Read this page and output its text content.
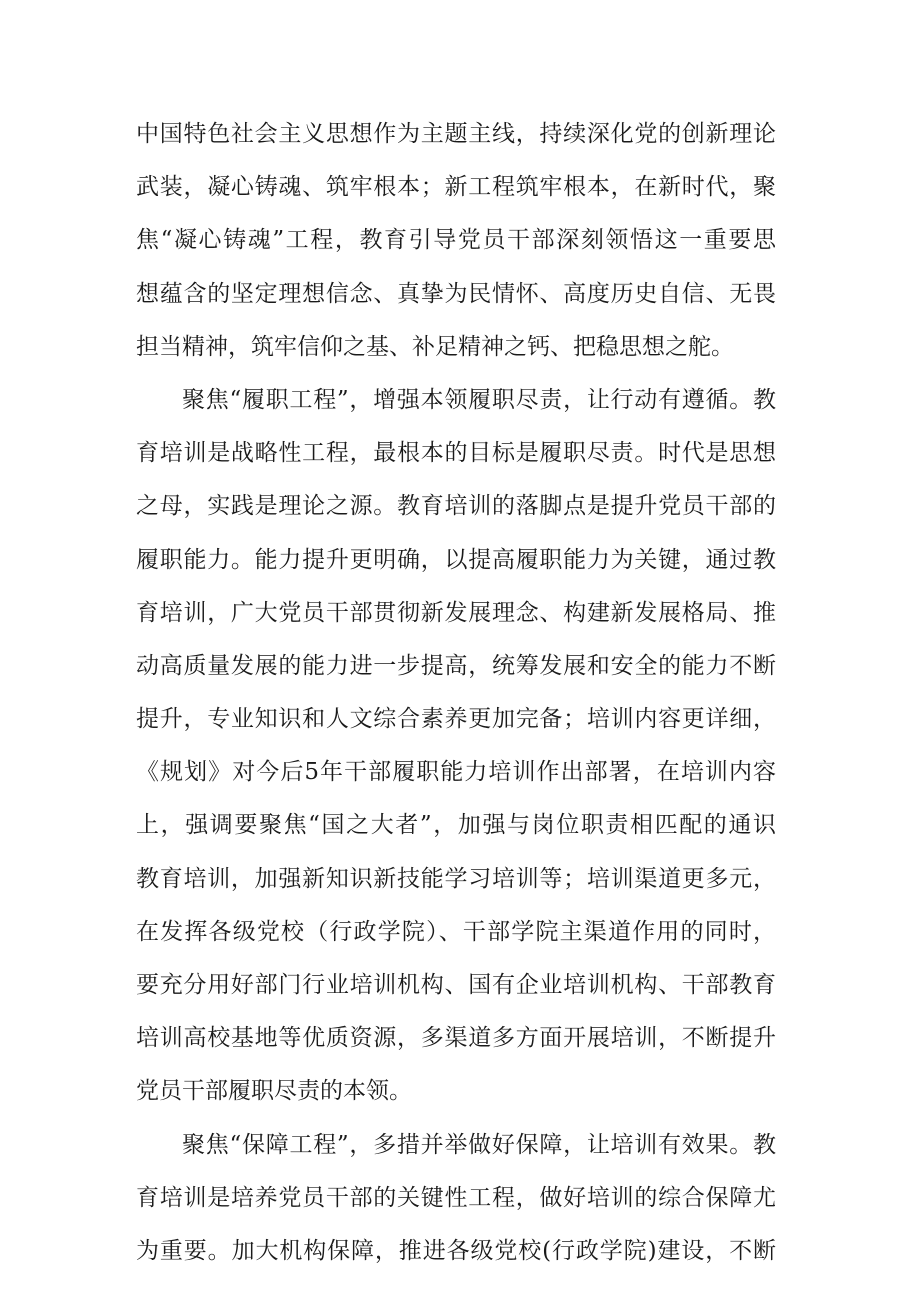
中国特色社会主义思想作为主题主线，持续深化党的创新理论
武装，凝心铸魂、筑牢根本；新工程筑牢根本，在新时代，聚
焦“凝心铸魂”工程，教育引导党员干部深刻领悟这一重要思
想蕴含的坚定理想信念、真挚为民情怀、高度历史自信、无畏
担当精神，筑牢信仰之基、补足精神之钙、把稳思想之舵。
聚焦“履职工程”，增强本领履职尽责，让行动有遵循。教
育培训是战略性工程，最根本的目标是履职尽责。时代是思想
之母，实践是理论之源。教育培训的落脚点是提升党员干部的
履职能力。能力提升更明确，以提高履职能力为关键，通过教
育培训，广大党员干部贯彻新发展理念、构建新发展格局、推
动高质量发展的能力进一步提高，统筹发展和安全的能力不断
提升，专业知识和人文综合素养更加完备；培训内容更详细，
《规划》对今后5年干部履职能力培训作出部署，在培训内容
上，强调要聚焦“国之大者”，加强与岗位职责相匹配的通识
教育培训，加强新知识新技能学习培训等；培训渠道更多元，
在发挥各级党校（行政学院）、干部学院主渠道作用的同时，
要充分用好部门行业培训机构、国有企业培训机构、干部教育
培训高校基地等优质资源，多渠道多方面开展培训，不断提升
党员干部履职尽责的本领。
聚焦“保障工程”，多措并举做好保障，让培训有效果。教
育培训是培养党员干部的关键性工程，做好培训的综合保障尤
为重要。加大机构保障，推进各级党校(行政学院)建设，不断
